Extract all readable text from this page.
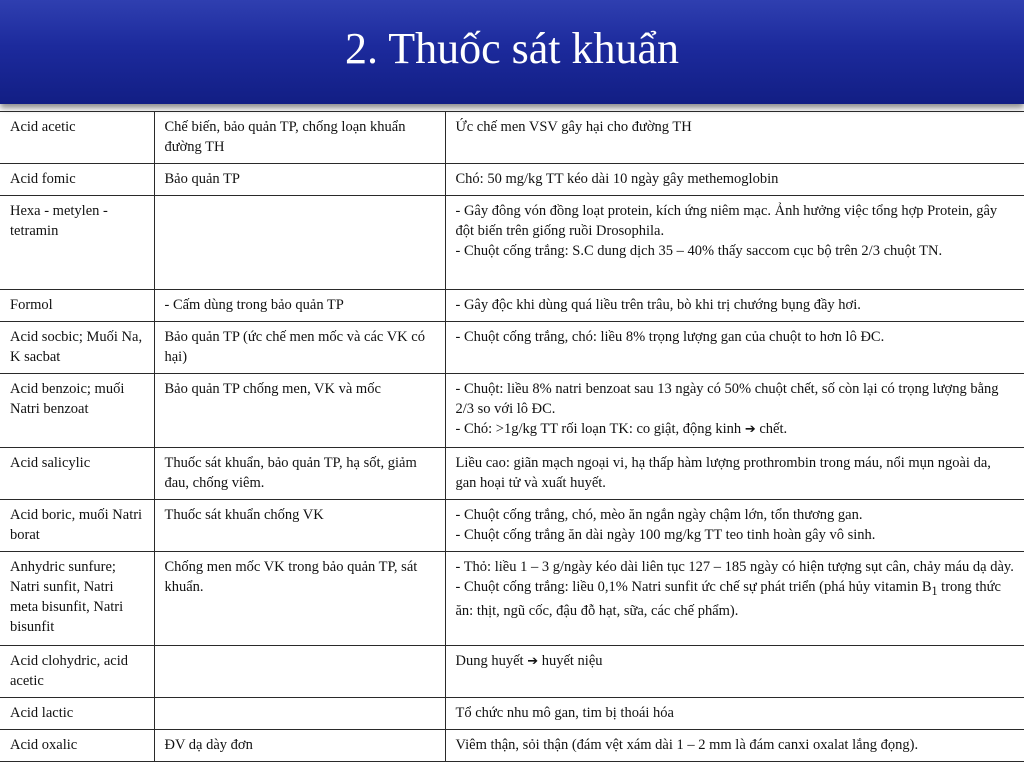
2. Thuốc sát khuẩn
Acid acetic	Chế biến, bảo quản TP, chống loạn khuẩn đường TH	Ức chế men VSV gây hại cho đường TH

Acid fomic	Bảo quản TP	Chó: 50 mg/kg TT kéo dài 10 ngày gây methemoglobin

Hexa - metylen - tetramin		- Gây đông vón đồng loạt protein, kích ứng niêm mạc. Ảnh hưởng việc tổng hợp Protein, gây đột biến trên giống ruồi Drosophila.
- Chuột cống trắng: S.C dung dịch 35 – 40% thấy saccom cục bộ trên 2/3 chuột TN.

Formol	- Cấm dùng trong bảo quản TP	- Gây độc khi dùng quá liều trên trâu, bò khi trị chướng bụng đầy hơi.

Acid socbic; Muối Na, K sacbat	Bảo quản TP (ức chế men mốc và các VK có hại)	- Chuột cống trắng, chó: liều 8% trọng lượng gan của chuột to hơn lô ĐC.

Acid benzoic; muối Natri benzoat	Bảo quản TP chống men, VK và mốc	- Chuột: liều 8% natri benzoat sau 13 ngày có 50% chuột chết, số còn lại có trọng lượng bằng 2/3 so với lô ĐC.
- Chó: >1g/kg TT rối loạn TK: co giật, động kinh ➔ chết.

Acid salicylic	Thuốc sát khuẩn, bảo quản TP, hạ sốt, giảm đau, chống viêm.	Liều cao: giãn mạch ngoại vi, hạ thấp hàm lượng prothrombin trong máu, nổi mụn ngoài da, gan hoại tử và xuất huyết.

Acid boric, muối Natri borat	Thuốc sát khuẩn chống VK	- Chuột cống trắng, chó, mèo ăn ngắn ngày chậm lớn, tổn thương gan.
- Chuột cống trắng ăn dài ngày 100 mg/kg TT teo tinh hoàn gây vô sinh.

Anhydric sunfure; Natri sunfit, Natri meta bisunfit, Natri bisunfit	Chống men mốc VK trong bảo quản TP, sát khuẩn.	- Thỏ: liều 1 – 3 g/ngày kéo dài liên tục 127 – 185 ngày có hiện tượng sụt cân, chảy máu dạ dày.
- Chuột cống trắng: liều 0,1% Natri sunfit ức chế sự phát triển (phá hủy vitamin $B_1$ trong thức ăn: thịt, ngũ cốc, đậu đỗ hạt, sữa, các chế phẩm).

Acid clohydric, acid acetic		Dung huyết ➔ huyết niệu

Acid lactic		Tổ chức nhu mô gan, tim bị thoái hóa

Acid oxalic	ĐV dạ dày đơn	Viêm thận, sỏi thận (đám vệt xám dài 1 – 2 mm là đám canxi oxalat lắng đọng).
